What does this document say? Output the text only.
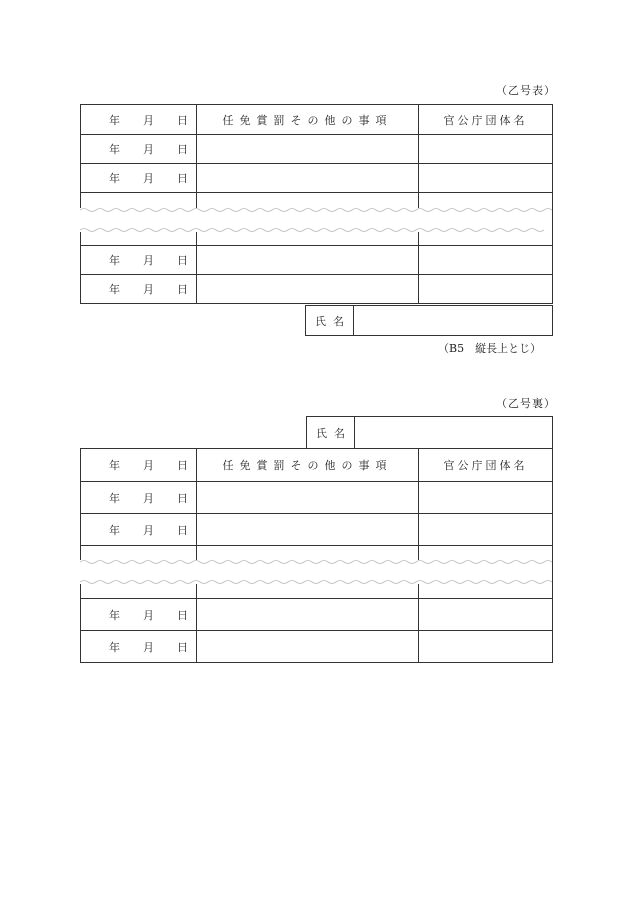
（乙号表）
年 月 日	任免賞罰その他の事項	官公庁団体名

年 月 日		

年 月 日		

年 月 日		

年 月 日		

氏 名	
（B5　縦長上とじ）
（乙号裏）
氏 名	
年 月 日	任免賞罰その他の事項	官公庁団体名

年 月 日		

年 月 日		

年 月 日		

年 月 日		
